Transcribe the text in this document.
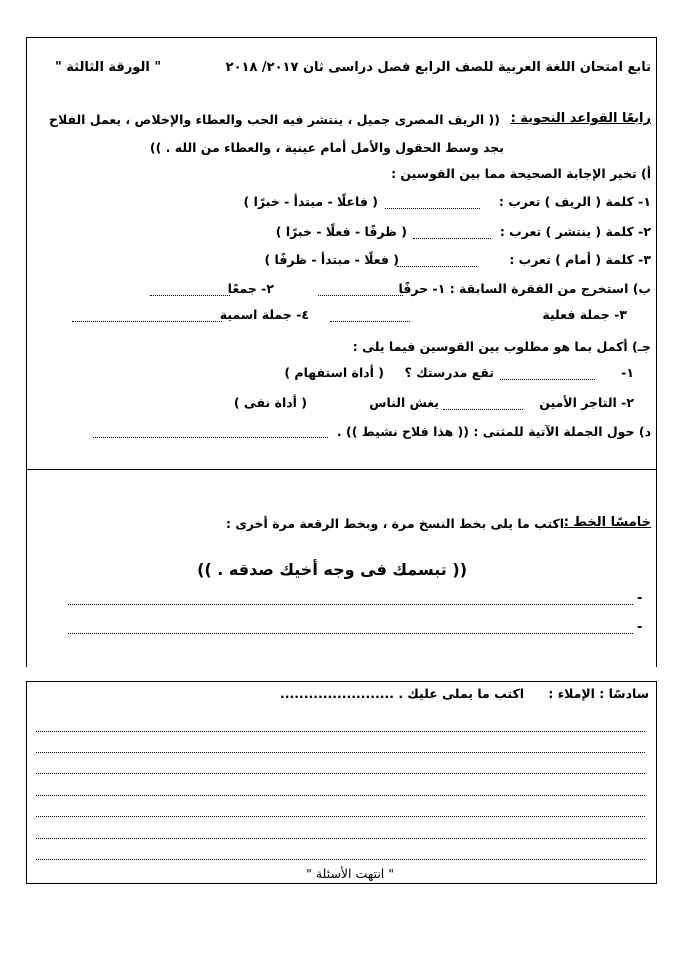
تابع امتحان اللغة العربية للصف الرابع فصل دراسى ثان ٢٠١٧/ ٢٠١٨
" الورقة الثالثة "
رابعًا القواعد النحوية :
(( الريف المصرى جميل ، ينتشر فيه الحب والعطاء والإخلاص ، يعمل الفلاح
بجد وسط الحقول والأمل أمام عينية ، والعطاء من الله . ))
أ) تخير الإجابة الصحيحة مما بين القوسين :
١- كلمة ( الريف ) تعرب :
( فاعلًا - مبتدأ - خبرًا )
٢- كلمة ( ينتشر ) تعرب :
( ظرفًا - فعلًا - خبرًا )
٣- كلمة ( أمام ) تعرب :
( فعلًا - مبتدأ - ظرفًا )
ب) استخرج من الفقرة السابقة : ١- حرفًا
٢- جمعًا
٣- جملة فعلية
٤- جملة اسمية
جـ) أكمل بما هو مطلوب بين القوسين فيما يلى :
١-
تقع مدرستك ؟
( أداة استفهام )
٢- التاجر الأمين
يغش الناس
( أداة نفى )
د) حول الجملة الآتية للمثنى : (( هذا فلاح نشيط )) .
خامسًا الخط :
اكتب ما يلى بخط النسخ مرة ، وبخط الرقعة مرة أخرى :
(( تبسمك فى وجه أخيك صدقه . ))
-
-
سادسًا : الإملاء :
اكتب ما يملى عليك .
........................
" انتهت الأسئلة "
